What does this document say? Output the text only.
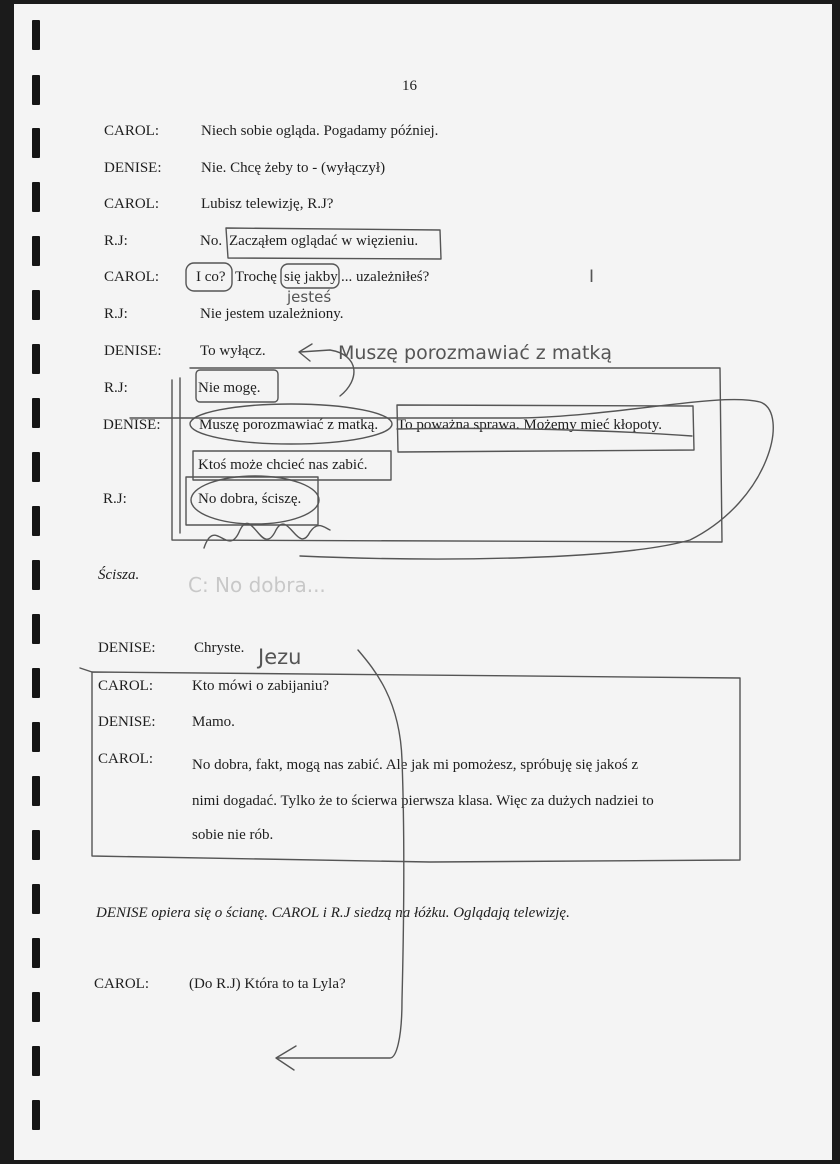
16
CAROL:	Niech sobie ogląda. Pogadamy później.
DENISE:	Nie. Chcę żeby to - (wyłączył)
CAROL:	Lubisz telewizję, R.J?
R.J:	No. Zacząłem oglądać w więzieniu.
CAROL: I co? Trochę się jakby ... uzależniłeś?
R.J:	Nie jestem uzależniony.
DENISE:	To wyłącz.
R.J:	Nie mogę.
DENISE:	Muszę porozmawiać z matką. To poważna sprawa. Możemy mieć kłopoty.
Ktoś może chcieć nas zabić.
R.J:	No dobra, ściszę.
Ścisza.
DENISE:	Chryste.
CAROL:	Kto mówi o zabijaniu?
DENISE: Mamo.
CAROL:	No dobra, fakt, mogą nas zabić. Ale jak mi pomożesz, spróbuję się jakoś z
nimi dogadać. Tylko że to ścierwa pierwsza klasa. Więc za dużych nadziei to
sobie nie rób.
DENISE opiera się o ścianę. CAROL i R.J siedzą na łóżku. Oglądają telewizję.
CAROL:	(Do R.J) Która to ta Lyla?
Muszę porozmawiać z matką
jesteś
Jezu
C: No dobra...
I
